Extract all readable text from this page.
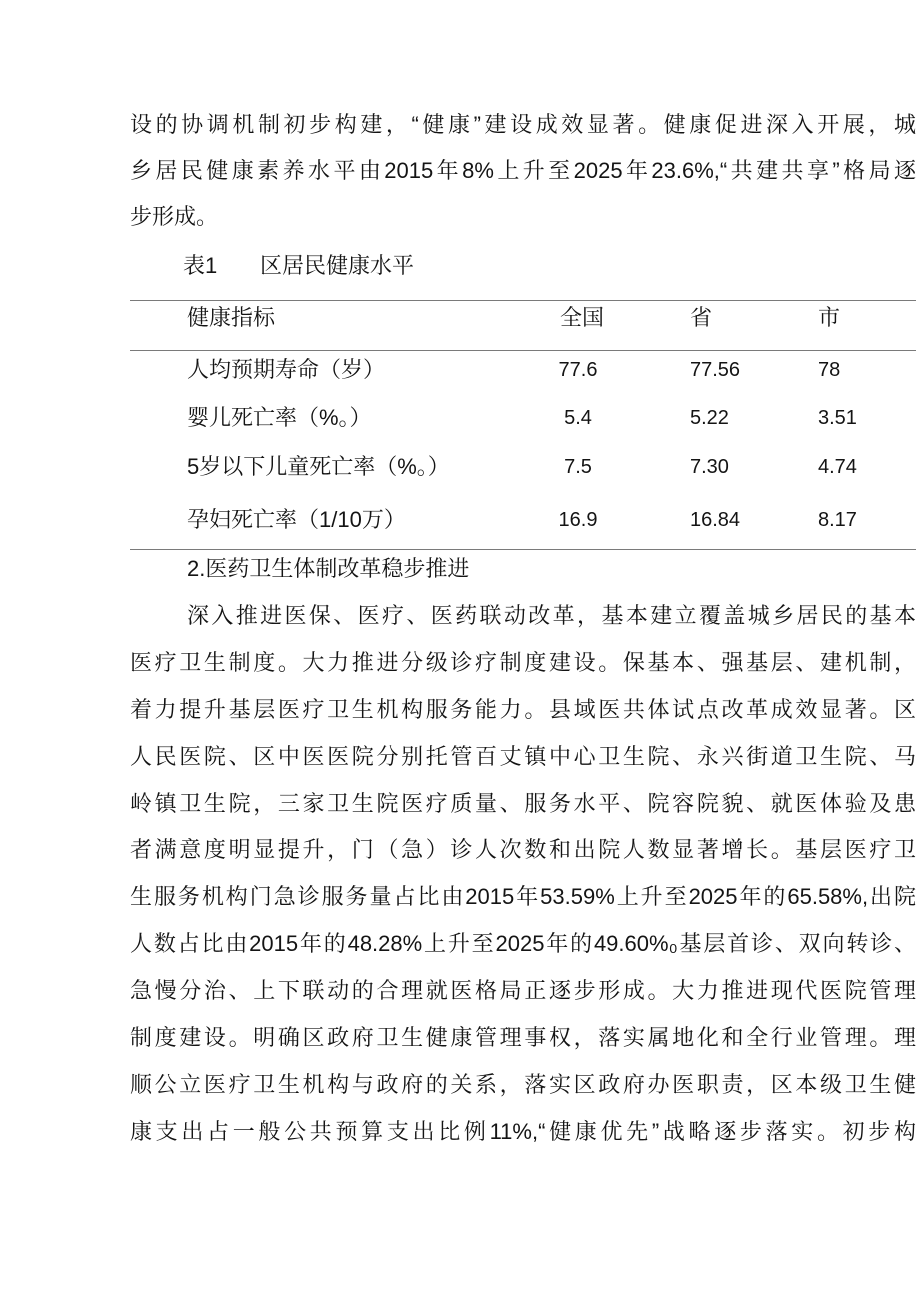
设的协调机制初步构建，“健康”建设成效显著。健康促进深入开展，城
乡居民健康素养水平由2015年8%上升至2025年23.6%,“共建共享”格局逐
步形成。
表1 区居民健康水平
健康指标	全国	省	市
人均预期寿命（岁）	77.6	77.56	78
婴儿死亡率（%。）	5.4	5.22	3.51
5岁以下儿童死亡率（%。）	7.5	7.30	4.74
孕妇死亡率（1/10万）	16.9	16.84	8.17
2.医药卫生体制改革稳步推进
深入推进医保、医疗、医药联动改革，基本建立覆盖城乡居民的基本
医疗卫生制度。大力推进分级诊疗制度建设。保基本、强基层、建机制，
着力提升基层医疗卫生机构服务能力。县域医共体试点改革成效显著。区
人民医院、区中医医院分别托管百丈镇中心卫生院、永兴街道卫生院、马
岭镇卫生院，三家卫生院医疗质量、服务水平、院容院貌、就医体验及患
者满意度明显提升，门（急）诊人次数和出院人数显著增长。基层医疗卫
生服务机构门急诊服务量占比由2015年53.59%上升至2025年的65.58%,出院
人数占比由2015年的48.28%上升至2025年的49.60%₀基层首诊、双向转诊、
急慢分治、上下联动的合理就医格局正逐步形成。大力推进现代医院管理
制度建设。明确区政府卫生健康管理事权，落实属地化和全行业管理。理
顺公立医疗卫生机构与政府的关系，落实区政府办医职责，区本级卫生健
康支出占一般公共预算支出比例11%,“健康优先”战略逐步落实。初步构
